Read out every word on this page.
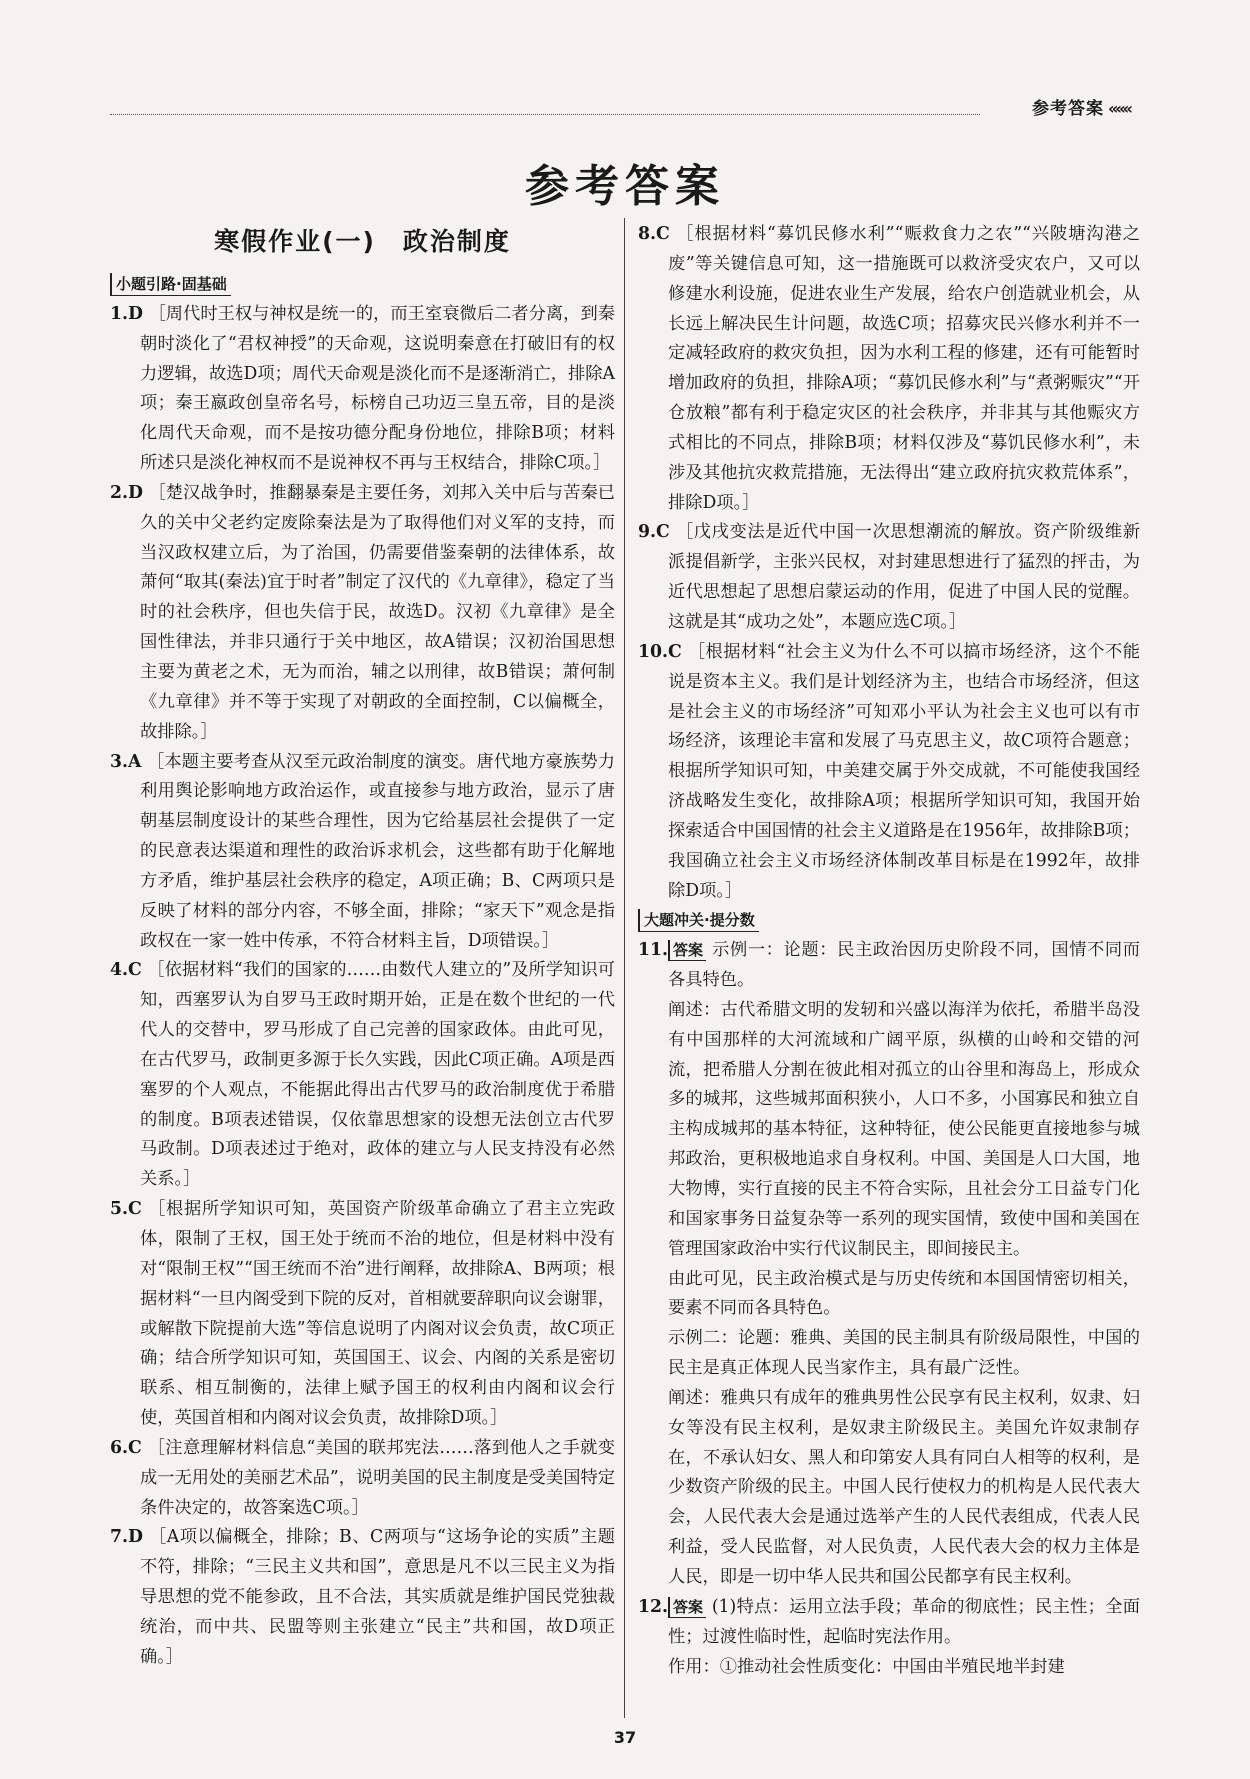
参考答案 «««
参考答案
寒假作业(一)　政治制度
小题引路·固基础

1.D ［周代时王权与神权是统一的，而王室衰微后二者分离，到秦朝时淡化了“君权神授”的天命观，这说明秦意在打破旧有的权力逻辑，故选D项；周代天命观是淡化而不是逐渐消亡，排除A项；秦王嬴政创皇帝名号，标榜自己功迈三皇五帝，目的是淡化周代天命观，而不是按功德分配身份地位，排除B项；材料所述只是淡化神权而不是说神权不再与王权结合，排除C项。］

2.D ［楚汉战争时，推翻暴秦是主要任务，刘邦入关中后与苦秦已久的关中父老约定废除秦法是为了取得他们对义军的支持，而当汉政权建立后，为了治国，仍需要借鉴秦朝的法律体系，故萧何“取其(秦法)宜于时者”制定了汉代的《九章律》，稳定了当时的社会秩序，但也失信于民，故选D。汉初《九章律》是全国性律法，并非只通行于关中地区，故A错误；汉初治国思想主要为黄老之术，无为而治，辅之以刑律，故B错误；萧何制《九章律》并不等于实现了对朝政的全面控制，C以偏概全，故排除。］

3.A ［本题主要考查从汉至元政治制度的演变。唐代地方豪族势力利用舆论影响地方政治运作，或直接参与地方政治，显示了唐朝基层制度设计的某些合理性，因为它给基层社会提供了一定的民意表达渠道和理性的政治诉求机会，这些都有助于化解地方矛盾，维护基层社会秩序的稳定，A项正确；B、C两项只是反映了材料的部分内容，不够全面，排除；“家天下”观念是指政权在一家一姓中传承，不符合材料主旨，D项错误。］

4.C ［依据材料“我们的国家的……由数代人建立的”及所学知识可知，西塞罗认为自罗马王政时期开始，正是在数个世纪的一代代人的交替中，罗马形成了自己完善的国家政体。由此可见，在古代罗马，政制更多源于长久实践，因此C项正确。A项是西塞罗的个人观点，不能据此得出古代罗马的政治制度优于希腊的制度。B项表述错误，仅依靠思想家的设想无法创立古代罗马政制。D项表述过于绝对，政体的建立与人民支持没有必然关系。］

5.C ［根据所学知识可知，英国资产阶级革命确立了君主立宪政体，限制了王权，国王处于统而不治的地位，但是材料中没有对“限制王权”“国王统而不治”进行阐释，故排除A、B两项；根据材料“一旦内阁受到下院的反对，首相就要辞职向议会谢罪，或解散下院提前大选”等信息说明了内阁对议会负责，故C项正确；结合所学知识可知，英国国王、议会、内阁的关系是密切联系、相互制衡的，法律上赋予国王的权利由内阁和议会行使，英国首相和内阁对议会负责，故排除D项。］

6.C ［注意理解材料信息“美国的联邦宪法……落到他人之手就变成一无用处的美丽艺术品”，说明美国的民主制度是受美国特定条件决定的，故答案选C项。］

7.D ［A项以偏概全，排除；B、C两项与“这场争论的实质”主题不符，排除；“三民主义共和国”，意思是凡不以三民主义为指导思想的党不能参政，且不合法，其实质就是维护国民党独裁统治，而中共、民盟等则主张建立“民主”共和国，故D项正确。］

8.C ［根据材料“募饥民修水利”“赈救食力之农”“兴陂塘沟港之废”等关键信息可知，这一措施既可以救济受灾农户，又可以修建水利设施，促进农业生产发展，给农户创造就业机会，从长远上解决民生计问题，故选C项；招募灾民兴修水利并不一定减轻政府的救灾负担，因为水利工程的修建，还有可能暂时增加政府的负担，排除A项；“募饥民修水利”与“煮粥赈灾”“开仓放粮”都有利于稳定灾区的社会秩序，并非其与其他赈灾方式相比的不同点，排除B项；材料仅涉及“募饥民修水利”，未涉及其他抗灾救荒措施，无法得出“建立政府抗灾救荒体系”，排除D项。］

9.C ［戊戌变法是近代中国一次思想潮流的解放。资产阶级维新派提倡新学，主张兴民权，对封建思想进行了猛烈的抨击，为近代思想起了思想启蒙运动的作用，促进了中国人民的觉醒。这就是其“成功之处”，本题应选C项。］

10.C ［根据材料“社会主义为什么不可以搞市场经济，这个不能说是资本主义。我们是计划经济为主，也结合市场经济，但这是社会主义的市场经济”可知邓小平认为社会主义也可以有市场经济，该理论丰富和发展了马克思主义，故C项符合题意；根据所学知识可知，中美建交属于外交成就，不可能使我国经济战略发生变化，故排除A项；根据所学知识可知，我国开始探索适合中国国情的社会主义道路是在1956年，故排除B项；我国确立社会主义市场经济体制改革目标是在1992年，故排除D项。］

大题冲关·提分数

11. 答案 示例一：论题：民主政治因历史阶段不同，国情不同而各具特色。

阐述：古代希腊文明的发轫和兴盛以海洋为依托，希腊半岛没有中国那样的大河流域和广阔平原，纵横的山岭和交错的河流，把希腊人分割在彼此相对孤立的山谷里和海岛上，形成众多的城邦，这些城邦面积狭小，人口不多，小国寡民和独立自主构成城邦的基本特征，这种特征，使公民能更直接地参与城邦政治，更积极地追求自身权利。中国、美国是人口大国，地大物博，实行直接的民主不符合实际，且社会分工日益专门化和国家事务日益复杂等一系列的现实国情，致使中国和美国在管理国家政治中实行代议制民主，即间接民主。

由此可见，民主政治模式是与历史传统和本国国情密切相关，要素不同而各具特色。

示例二：论题：雅典、美国的民主制具有阶级局限性，中国的民主是真正体现人民当家作主，具有最广泛性。

阐述：雅典只有成年的雅典男性公民享有民主权利，奴隶、妇女等没有民主权利，是奴隶主阶级民主。美国允许奴隶制存在，不承认妇女、黑人和印第安人具有同白人相等的权利，是少数资产阶级的民主。中国人民行使权力的机构是人民代表大会，人民代表大会是通过选举产生的人民代表组成，代表人民利益，受人民监督，对人民负责，人民代表大会的权力主体是人民，即是一切中华人民共和国公民都享有民主权利。

12. 答案 (1)特点：运用立法手段；革命的彻底性；民主性；全面性；过渡性临时性，起临时宪法作用。

作用：①推动社会性质变化：中国由半殖民地半封建

37
